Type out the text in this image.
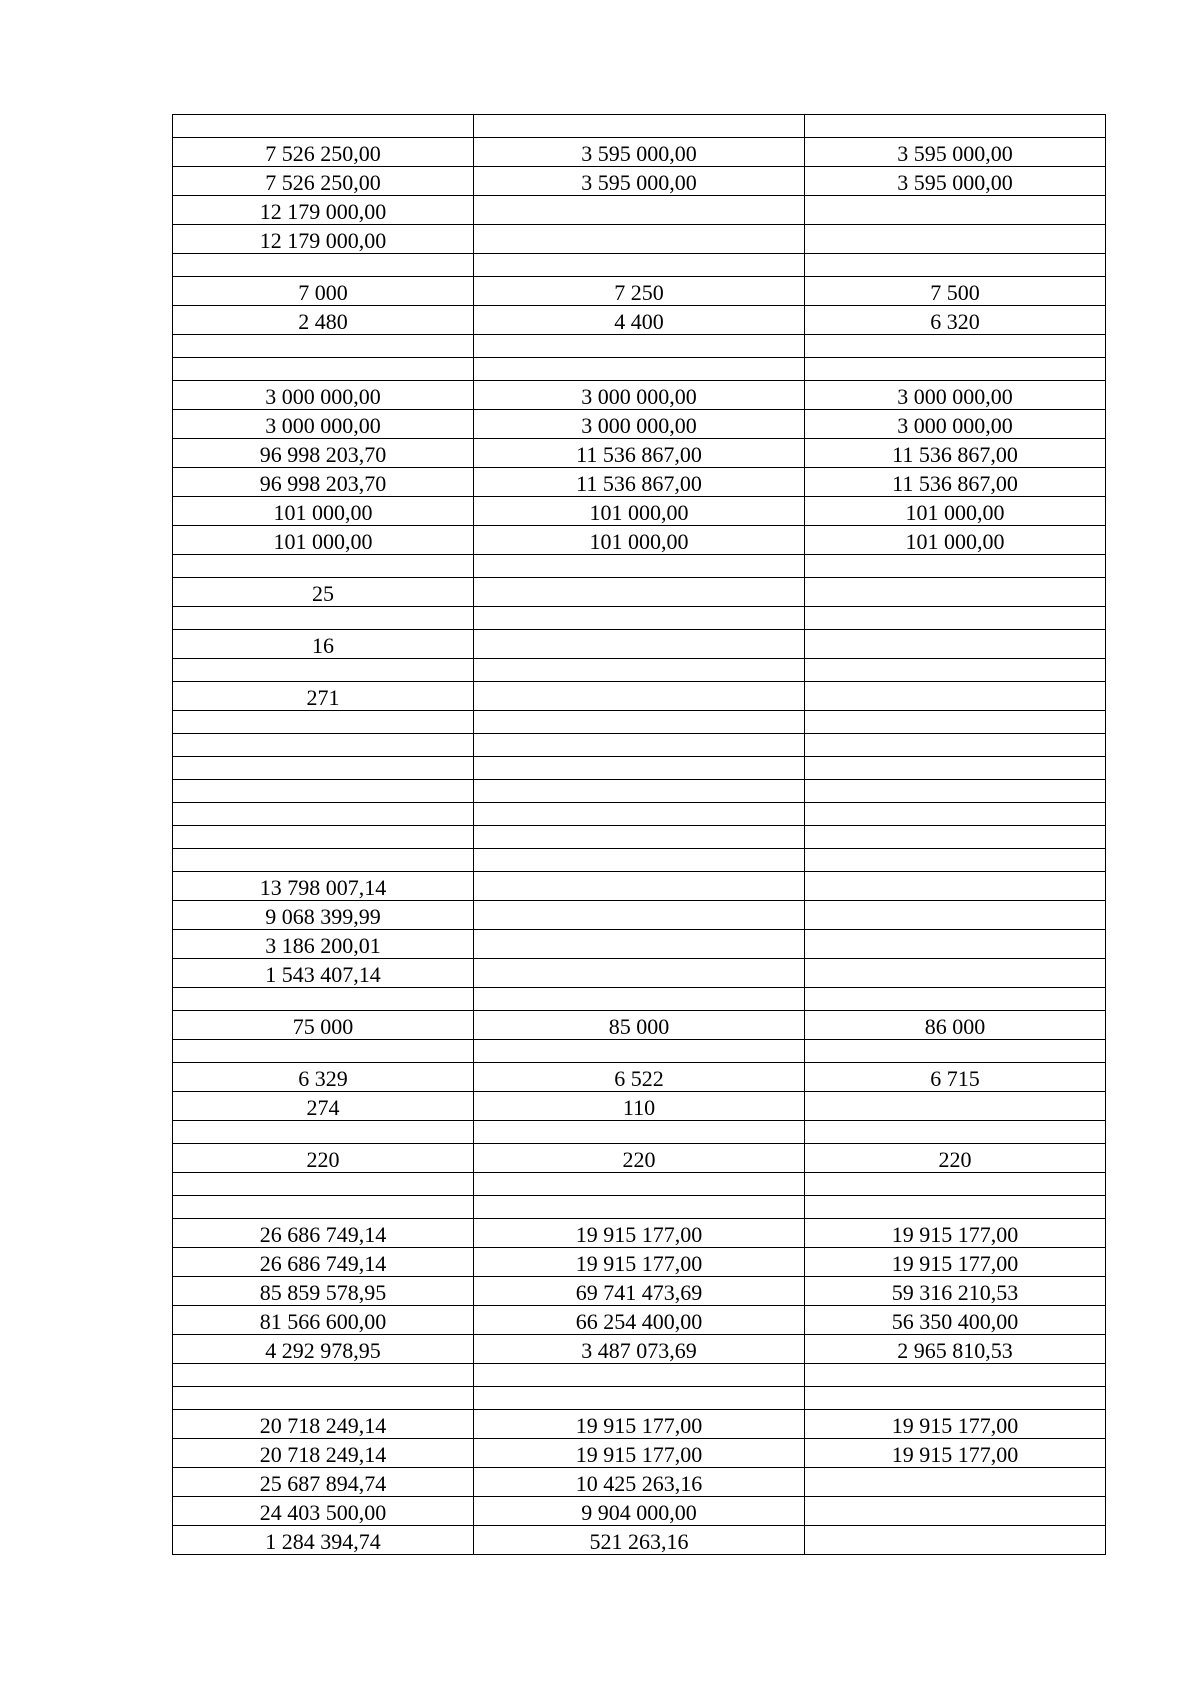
7 526 250,00	3 595 000,00	3 595 000,00
7 526 250,00	3 595 000,00	3 595 000,00
12 179 000,00		
12 179 000,00		

7 000	7 250	7 500
2 480	4 400	6 320

3 000 000,00	3 000 000,00	3 000 000,00
3 000 000,00	3 000 000,00	3 000 000,00
96 998 203,70	11 536 867,00	11 536 867,00
96 998 203,70	11 536 867,00	11 536 867,00
101 000,00	101 000,00	101 000,00
101 000,00	101 000,00	101 000,00

25		

16		

271		

13 798 007,14		
9 068 399,99		
3 186 200,01		
1 543 407,14		

75 000	85 000	86 000

6 329	6 522	6 715
274	110	

220	220	220

26 686 749,14	19 915 177,00	19 915 177,00
26 686 749,14	19 915 177,00	19 915 177,00
85 859 578,95	69 741 473,69	59 316 210,53
81 566 600,00	66 254 400,00	56 350 400,00
4 292 978,95	3 487 073,69	2 965 810,53

20 718 249,14	19 915 177,00	19 915 177,00
20 718 249,14	19 915 177,00	19 915 177,00
25 687 894,74	10 425 263,16	
24 403 500,00	9 904 000,00	
1 284 394,74	521 263,16	
